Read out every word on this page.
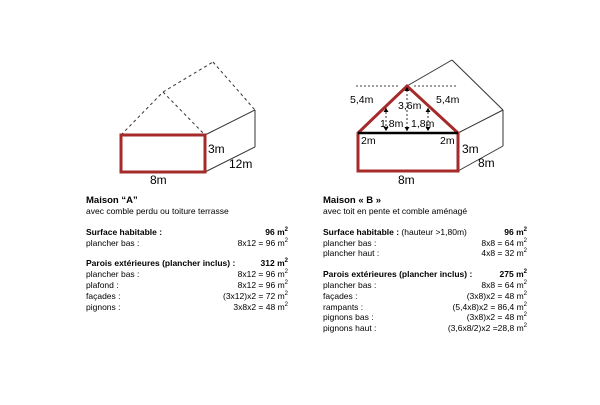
3m
12m
8m
5,4m	5,4m
3,6m
1,8m 1,8m
2m	2m
3m
8m
8m
Maison “A”
avec comble perdu ou toiture terrasse
Surface habitable :	96 $m^2$
plancher bas :	8x12 = 96 $m^2$
Parois extérieures (plancher inclus) :	312 $m^2$
plancher bas :	8x12 = 96 $m^2$
plafond :	8x12 = 96 $m^2$
façades :	(3x12)x2 = 72 $m^2$
pignons :	3x8x2 = 48 $m^2$
Maison « B »
avec toit en pente et comble aménagé
Surface habitable : (hauteur >1,80m)	96 $m^2$
plancher bas :	8x8 = 64 $m^2$
plancher haut :	4x8 = 32 $m^2$
Parois extérieures (plancher inclus) :	275 $m^2$
plancher bas :	8x8 = 64 $m^2$
façades :	(3x8)x2 = 48 $m^2$
rampants :	(5,4x8)x2 = 86,4 $m^2$
pignons bas :	(3x8)x2 = 48 $m^2$
pignons haut :	(3,6x8/2)x2 =28,8 $m^2$
